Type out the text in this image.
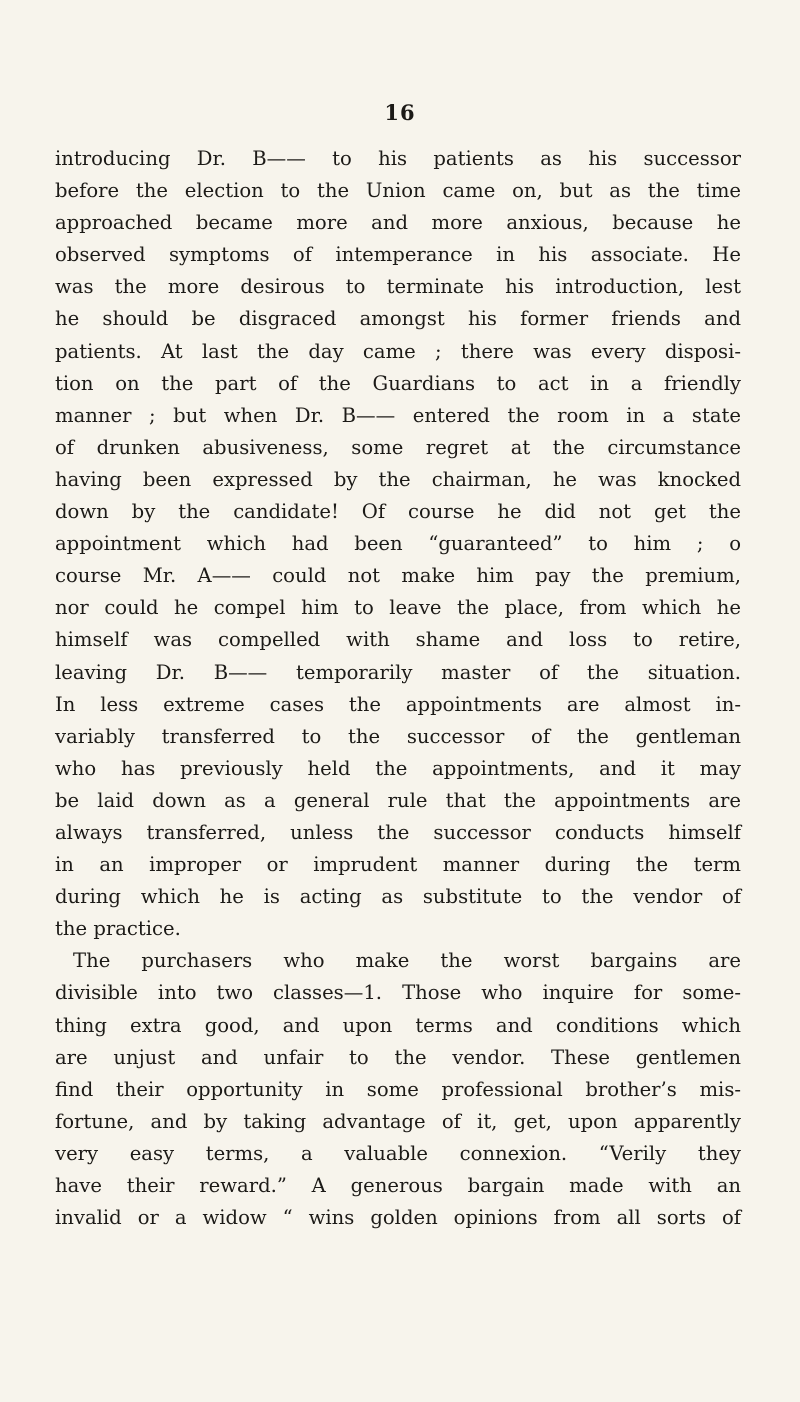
16
introducing Dr. B—— to his patients as his successor
before the election to the Union came on, but as the time
approached became more and more anxious, because he
observed symptoms of intemperance in his associate. He
was the more desirous to terminate his introduction, lest
he should be disgraced amongst his former friends and
patients. At last the day came ; there was every disposi-
tion on the part of the Guardians to act in a friendly
manner ; but when Dr. B—— entered the room in a state
of drunken abusiveness, some regret at the circumstance
having been expressed by the chairman, he was knocked
down by the candidate! Of course he did not get the
appointment which had been “guaranteed” to him ; o
course Mr. A—— could not make him pay the premium,
nor could he compel him to leave the place, from which he
himself was compelled with shame and loss to retire,
leaving Dr. B—— temporarily master of the situation.
In less extreme cases the appointments are almost in-
variably transferred to the successor of the gentleman
who has previously held the appointments, and it may
be laid down as a general rule that the appointments are
always transferred, unless the successor conducts himself
in an improper or imprudent manner during the term
during which he is acting as substitute to the vendor of
the practice.
The purchasers who make the worst bargains are
divisible into two classes—1. Those who inquire for some-
thing extra good, and upon terms and conditions which
are unjust and unfair to the vendor. These gentlemen
find their opportunity in some professional brother’s mis-
fortune, and by taking advantage of it, get, upon apparently
very easy terms, a valuable connexion. “Verily they
have their reward.” A generous bargain made with an
invalid or a widow “ wins golden opinions from all sorts of
